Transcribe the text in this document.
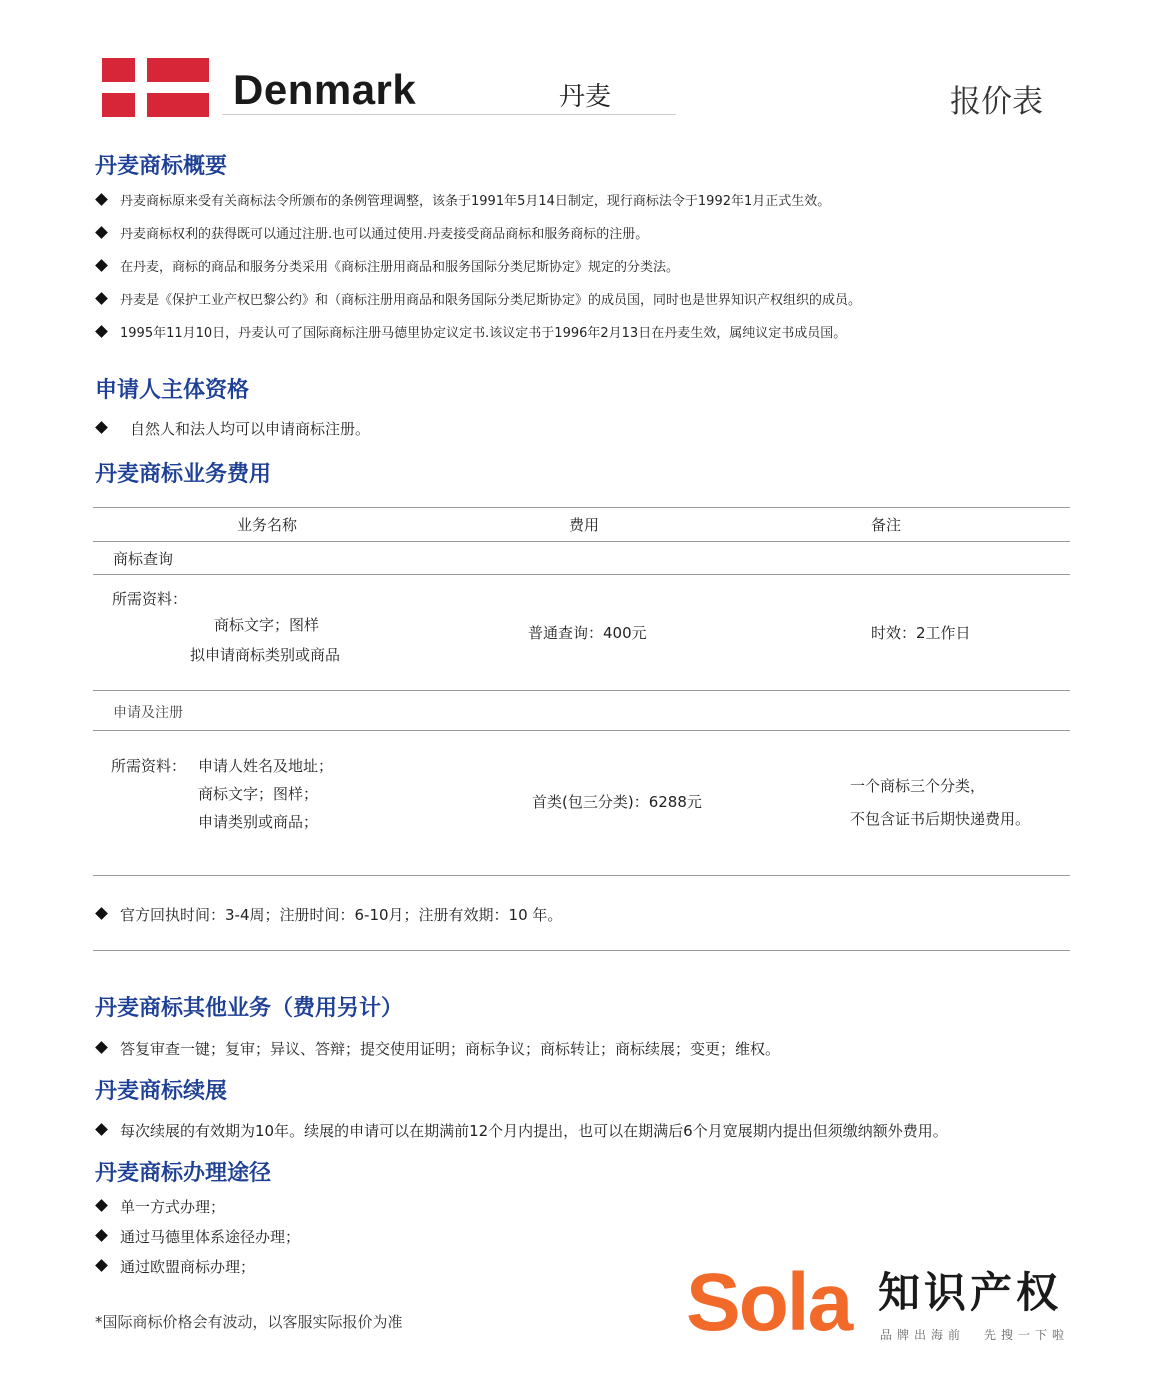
Denmark	丹麦	报价表
丹麦商标概要
丹麦商标原来受有关商标法令所颁布的条例管理调整，该条于1991年5月14日制定，现行商标法令于1992年1月正式生效。
丹麦商标权利的获得既可以通过注册.也可以通过使用.丹麦接受商品商标和服务商标的注册。
在丹麦，商标的商品和服务分类采用《商标注册用商品和服务国际分类尼斯协定》规定的分类法。
丹麦是《保护工业产权巴黎公约》和（商标注册用商品和限务国际分类尼斯协定》的成员国，同时也是世界知识产权组织的成员。
1995年11月10日，丹麦认可了国际商标注册马德里协定议定书.该议定书于1996年2月13日在丹麦生效，属纯议定书成员国。
申请人主体资格
自然人和法人均可以申请商标注册。
丹麦商标业务费用
业务名称	费用	备注
商标查询
所需资料：
商标文字；图样
拟申请商标类别或商品
普通查询：400元	时效：2工作日
申请及注册
所需资料： 申请人姓名及地址；
商标文字；图样；
申请类别或商品；
首类(包三分类)：6288元
一个商标三个分类，
不包含证书后期快递费用。
官方回执时间：3-4周；注册时间：6-10月；注册有效期：10 年。
丹麦商标其他业务（费用另计）
答复审查一键；复审；异议、答辩；提交使用证明；商标争议；商标转让；商标续展；变更；维权。
丹麦商标续展
每次续展的有效期为10年。续展的申请可以在期满前12个月内提出，也可以在期满后6个月宽展期内提出但须缴纳额外费用。
丹麦商标办理途径
单一方式办理；
通过马德里体系途径办理；
通过欧盟商标办理；
*国际商标价格会有波动，以客服实际报价为准	Sola 知识产权
品牌出海前 先搜一下啦
